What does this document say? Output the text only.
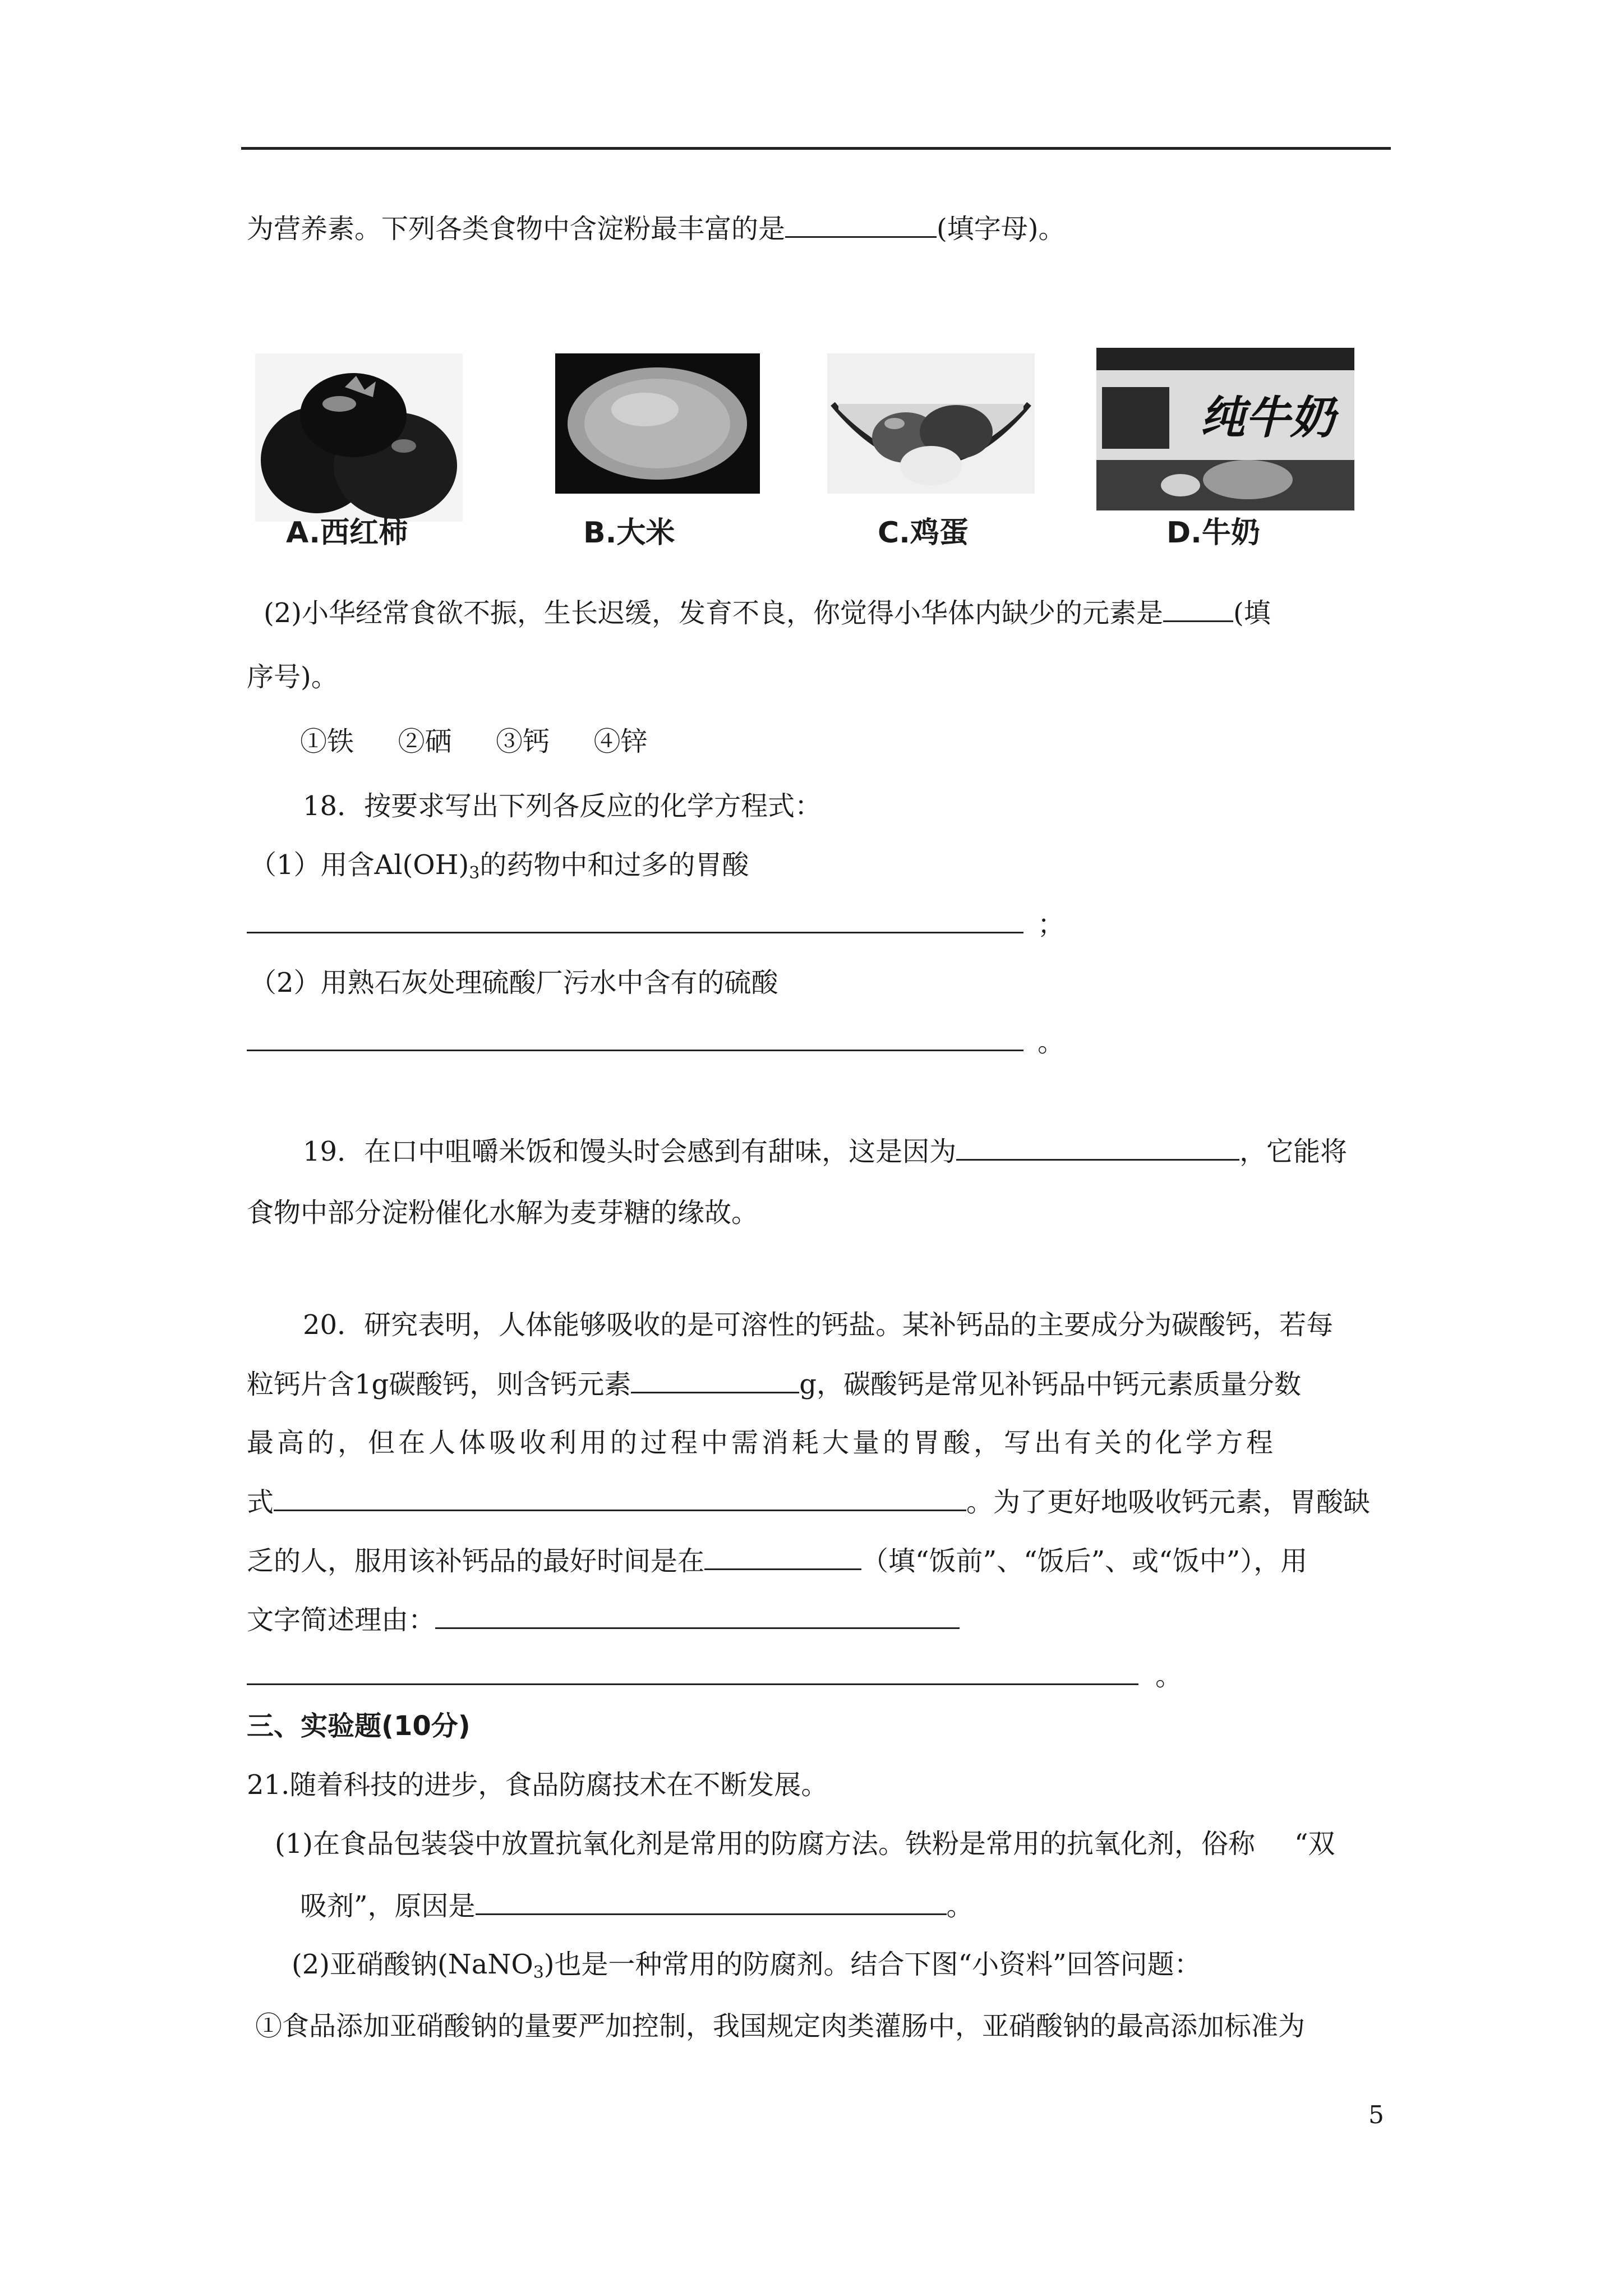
为营养素。下列各类食物中含淀粉最丰富的是	(填字母)。
A.西红柿	B.大米	C.鸡蛋
纯牛奶
D.牛奶
(2)小华经常食欲不振，生长迟缓，发育不良，你觉得小华体内缺少的元素是	(填
序号)。
①铁 　 ②硒 　 ③钙 　 ④锌
18．按要求写出下列各反应的化学方程式：
（1）用含$Al(OH)_3$的药物中和过多的胃酸
；
（2）用熟石灰处理硫酸厂污水中含有的硫酸
。
19．在口中咀嚼米饭和馒头时会感到有甜味，这是因为	，它能将
食物中部分淀粉催化水解为麦芽糖的缘故。
20．研究表明，人体能够吸收的是可溶性的钙盐。某补钙品的主要成分为碳酸钙，若每
粒钙片含1g碳酸钙，则含钙元素	g，碳酸钙是常见补钙品中钙元素质量分数
最高的，但在人体吸收利用的过程中需消耗大量的胃酸，写出有关的化学方程
式	。为了更好地吸收钙元素，胃酸缺
乏的人，服用该补钙品的最好时间是在	（填“饭前”、“饭后”、或“饭中”），用
文字简述理由：
。
三、实验题(10分)
21.随着科技的进步，食品防腐技术在不断发展。
(1)在食品包装袋中放置抗氧化剂是常用的防腐方法。铁粉是常用的抗氧化剂，俗称 “双
吸剂”，原因是	。
(2)亚硝酸钠(NaNO$_3$)也是一种常用的防腐剂。结合下图“小资料”回答问题：
①食品添加亚硝酸钠的量要严加控制，我国规定肉类灌肠中，亚硝酸钠的最高添加标准为
5
